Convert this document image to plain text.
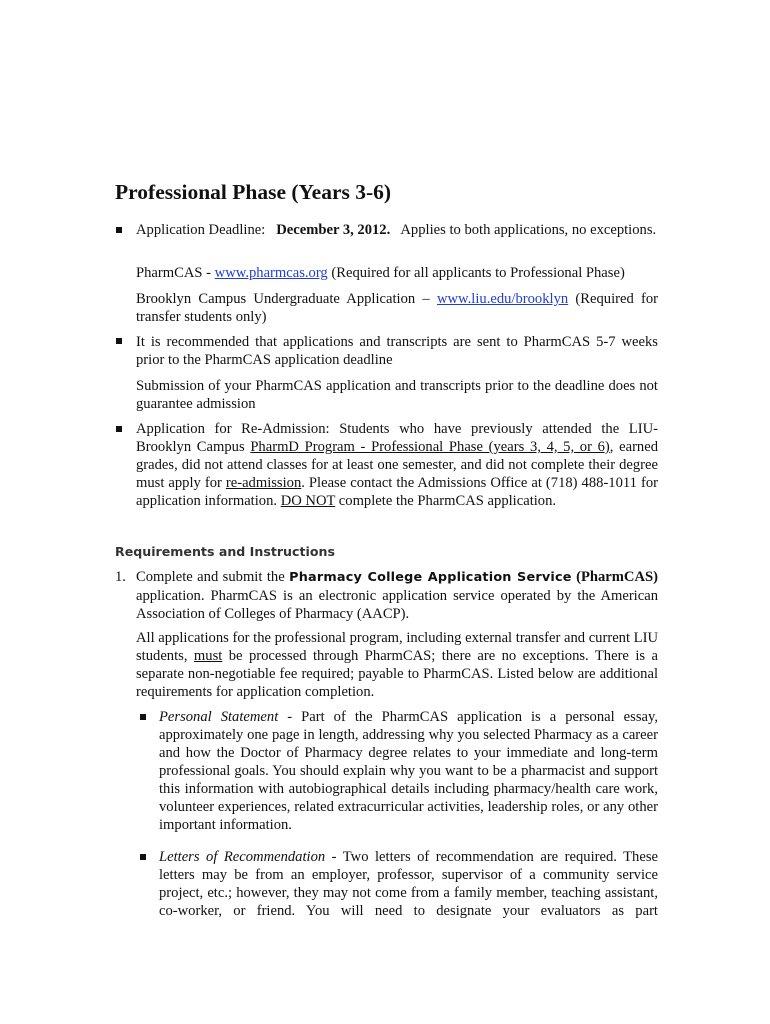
Professional Phase (Years 3-6)

Application Deadline: December 3, 2012. Applies to both applications, no exceptions.

PharmCAS - www.pharmcas.org (Required for all applicants to Professional Phase)

Brooklyn Campus Undergraduate Application – www.liu.edu/brooklyn (Required for transfer students only)

It is recommended that applications and transcripts are sent to PharmCAS 5-7 weeks prior to the PharmCAS application deadline

Submission of your PharmCAS application and transcripts prior to the deadline does not guarantee admission

Application for Re-Admission: Students who have previously attended the LIU-Brooklyn Campus PharmD Program - Professional Phase (years 3, 4, 5, or 6), earned grades, did not attend classes for at least one semester, and did not complete their degree must apply for re-admission. Please contact the Admissions Office at (718) 488-1011 for application information. DO NOT complete the PharmCAS application.

Requirements and Instructions
1. Complete and submit the Pharmacy College Application Service (PharmCAS) application. PharmCAS is an electronic application service operated by the American Association of Colleges of Pharmacy (AACP).

All applications for the professional program, including external transfer and current LIU students, must be processed through PharmCAS; there are no exceptions. There is a separate non-negotiable fee required; payable to PharmCAS. Listed below are additional requirements for application completion.

Personal Statement - Part of the PharmCAS application is a personal essay, approximately one page in length, addressing why you selected Pharmacy as a career and how the Doctor of Pharmacy degree relates to your immediate and long-term professional goals. You should explain why you want to be a pharmacist and support this information with autobiographical details including pharmacy/health care work, volunteer experiences, related extracurricular activities, leadership roles, or any other important information.

Letters of Recommendation - Two letters of recommendation are required. These letters may be from an employer, professor, supervisor of a community service project, etc.; however, they may not come from a family member, teaching assistant, co-worker, or friend. You will need to designate your evaluators as part
